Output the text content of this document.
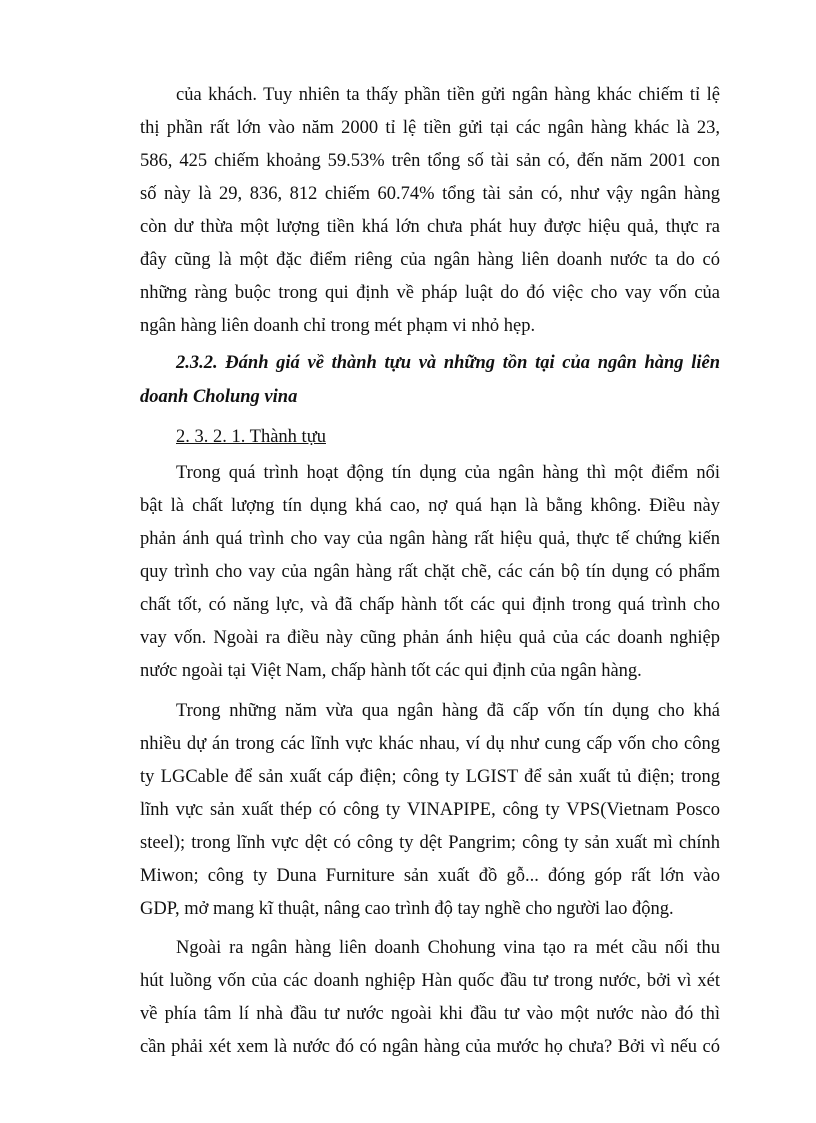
của khách. Tuy nhiên ta thấy phần tiền gửi ngân hàng khác chiếm tỉ lệ
thị phần rất lớn vào năm 2000 tỉ lệ tiền gửi tại các ngân hàng khác là 23,
586, 425 chiếm khoảng 59.53% trên tổng số tài sản có, đến năm 2001 con
số này là 29, 836, 812 chiếm 60.74% tổng tài sản có, như vậy ngân hàng
còn dư thừa một lượng tiền khá lớn chưa phát huy được hiệu quả, thực ra
đây cũng là một đặc điểm riêng của ngân hàng liên doanh nước ta do có
những ràng buộc trong qui định về pháp luật do đó việc cho vay vốn của
ngân hàng liên doanh chỉ trong mét phạm vi nhỏ hẹp.
2.3.2. Đánh giá về thành tựu và những tồn tại của ngân hàng liên
doanh Cholung vina
2. 3. 2. 1. Thành tựu
Trong quá trình hoạt động tín dụng của ngân hàng thì một điểm nổi
bật là chất lượng tín dụng khá cao, nợ quá hạn là bằng không. Điều này
phản ánh quá trình cho vay của ngân hàng rất hiệu quả, thực tế chứng kiến
quy trình cho vay của ngân hàng rất chặt chẽ, các cán bộ tín dụng có phẩm
chất tốt, có năng lực, và đã chấp hành tốt các qui định trong quá trình cho
vay vốn. Ngoài ra điều này cũng phản ánh hiệu quả của các doanh nghiệp
nước ngoài tại Việt Nam, chấp hành tốt các qui định của ngân hàng.
Trong những năm vừa qua ngân hàng đã cấp vốn tín dụng cho khá
nhiều dự án trong các lĩnh vực khác nhau, ví dụ như cung cấp vốn cho công
ty LGCable để sản xuất cáp điện; công ty LGIST để sản xuất tủ điện; trong
lĩnh vực sản xuất thép có công ty VINAPIPE, công ty VPS(Vietnam Posco
steel); trong lĩnh vực dệt có công ty dệt Pangrim; công ty sản xuất mì chính
Miwon; công ty Duna Furniture sản xuất đồ gỗ... đóng góp rất lớn vào
GDP, mở mang kĩ thuật, nâng cao trình độ tay nghề cho người lao động.
Ngoài ra ngân hàng liên doanh Chohung vina tạo ra mét cầu nối thu
hút luồng vốn của các doanh nghiệp Hàn quốc đầu tư trong nước, bởi vì xét
về phía tâm lí nhà đầu tư nước ngoài khi đầu tư vào một nước nào đó thì
cần phải xét xem là nước đó có ngân hàng của mước họ chưa? Bởi vì nếu có
